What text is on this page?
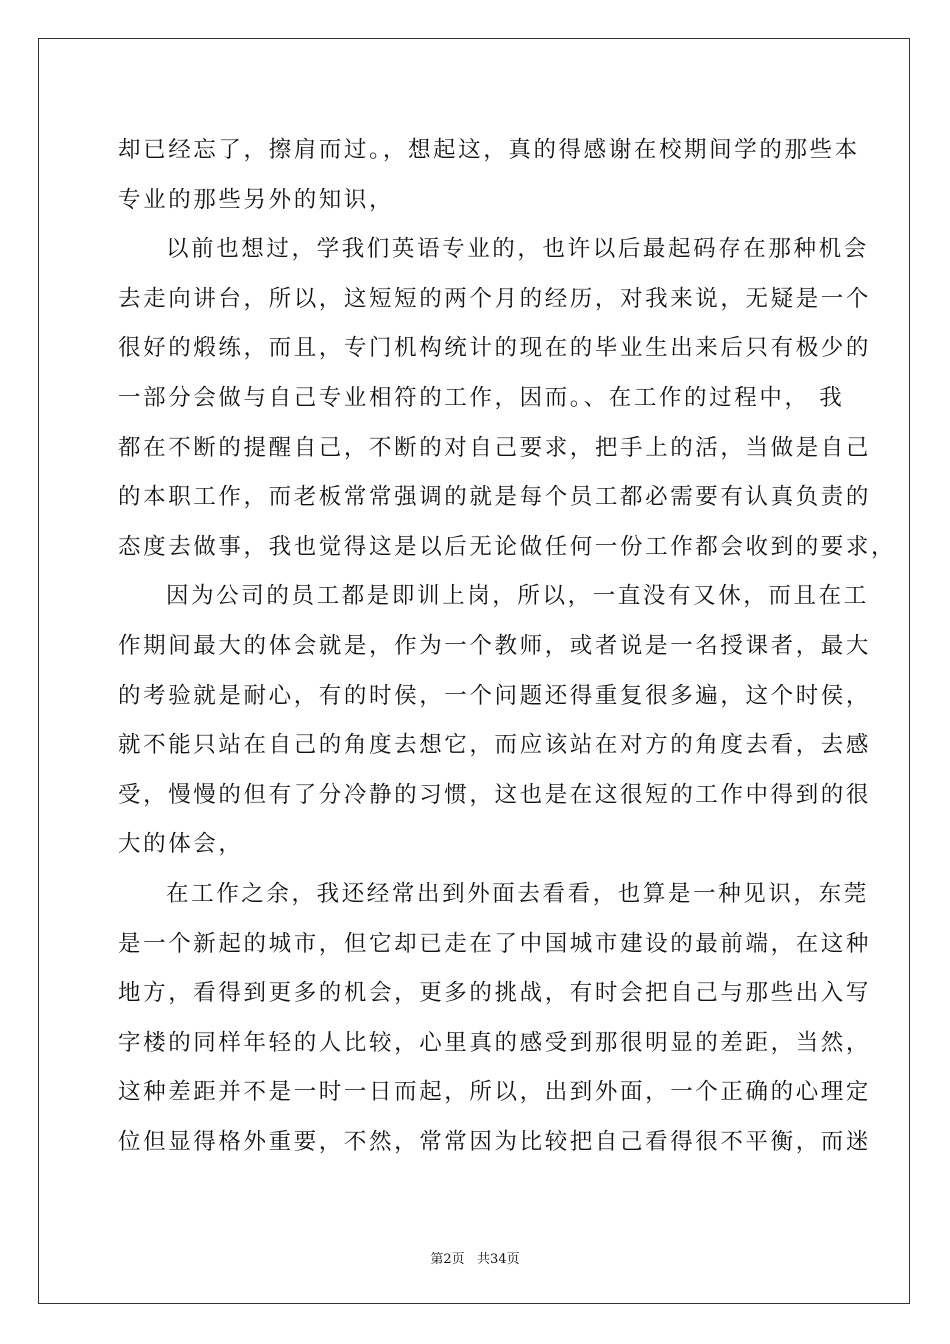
却已经忘了，擦肩而过。，想起这，真的得感谢在校期间学的那些本
专业的那些另外的知识，
以前也想过，学我们英语专业的，也许以后最起码存在那种机会
去走向讲台，所以，这短短的两个月的经历，对我来说，无疑是一个
很好的煅练，而且，专门机构统计的现在的毕业生出来后只有极少的
一部分会做与自己专业相符的工作，因而。、在工作的过程中， 我
都在不断的提醒自己，不断的对自己要求，把手上的活，当做是自己
的本职工作，而老板常常强调的就是每个员工都必需要有认真负责的
态度去做事，我也觉得这是以后无论做任何一份工作都会收到的要求，
因为公司的员工都是即训上岗，所以，一直没有又休，而且在工
作期间最大的体会就是，作为一个教师，或者说是一名授课者，最大
的考验就是耐心，有的时侯，一个问题还得重复很多遍，这个时侯，
就不能只站在自己的角度去想它，而应该站在对方的角度去看，去感
受，慢慢的但有了分冷静的习惯，这也是在这很短的工作中得到的很
大的体会，
在工作之余，我还经常出到外面去看看，也算是一种见识，东莞
是一个新起的城市，但它却已走在了中国城市建设的最前端，在这种
地方，看得到更多的机会，更多的挑战，有时会把自己与那些出入写
字楼的同样年轻的人比较，心里真的感受到那很明显的差距，当然，
这种差距并不是一时一日而起，所以，出到外面，一个正确的心理定
位但显得格外重要，不然，常常因为比较把自己看得很不平衡，而迷
第2页   共34页
